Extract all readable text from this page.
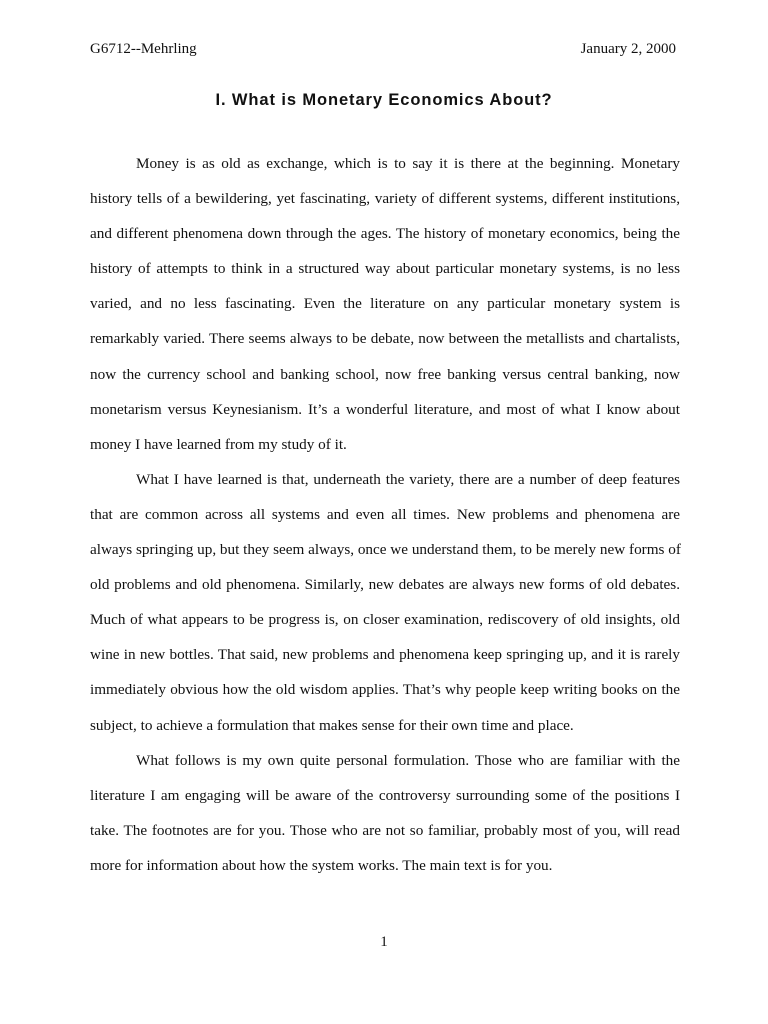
G6712--Mehrling	January 2, 2000
I. What is Monetary Economics About?
Money is as old as exchange, which is to say it is there at the beginning. Monetary
history tells of a bewildering, yet fascinating, variety of different systems, different institutions,
and different phenomena down through the ages. The history of monetary economics, being the
history of attempts to think in a structured way about particular monetary systems, is no less
varied, and no less fascinating. Even the literature on any particular monetary system is
remarkably varied. There seems always to be debate, now between the metallists and chartalists,
now the currency school and banking school, now free banking versus central banking, now
monetarism versus Keynesianism. It’s a wonderful literature, and most of what I know about
money I have learned from my study of it.
What I have learned is that, underneath the variety, there are a number of deep features
that are common across all systems and even all times. New problems and phenomena are
always springing up, but they seem always, once we understand them, to be merely new forms of
old problems and old phenomena. Similarly, new debates are always new forms of old debates.
Much of what appears to be progress is, on closer examination, rediscovery of old insights, old
wine in new bottles. That said, new problems and phenomena keep springing up, and it is rarely
immediately obvious how the old wisdom applies. That’s why people keep writing books on the
subject, to achieve a formulation that makes sense for their own time and place.
What follows is my own quite personal formulation. Those who are familiar with the
literature I am engaging will be aware of the controversy surrounding some of the positions I
take. The footnotes are for you. Those who are not so familiar, probably most of you, will read
more for information about how the system works. The main text is for you.
1
